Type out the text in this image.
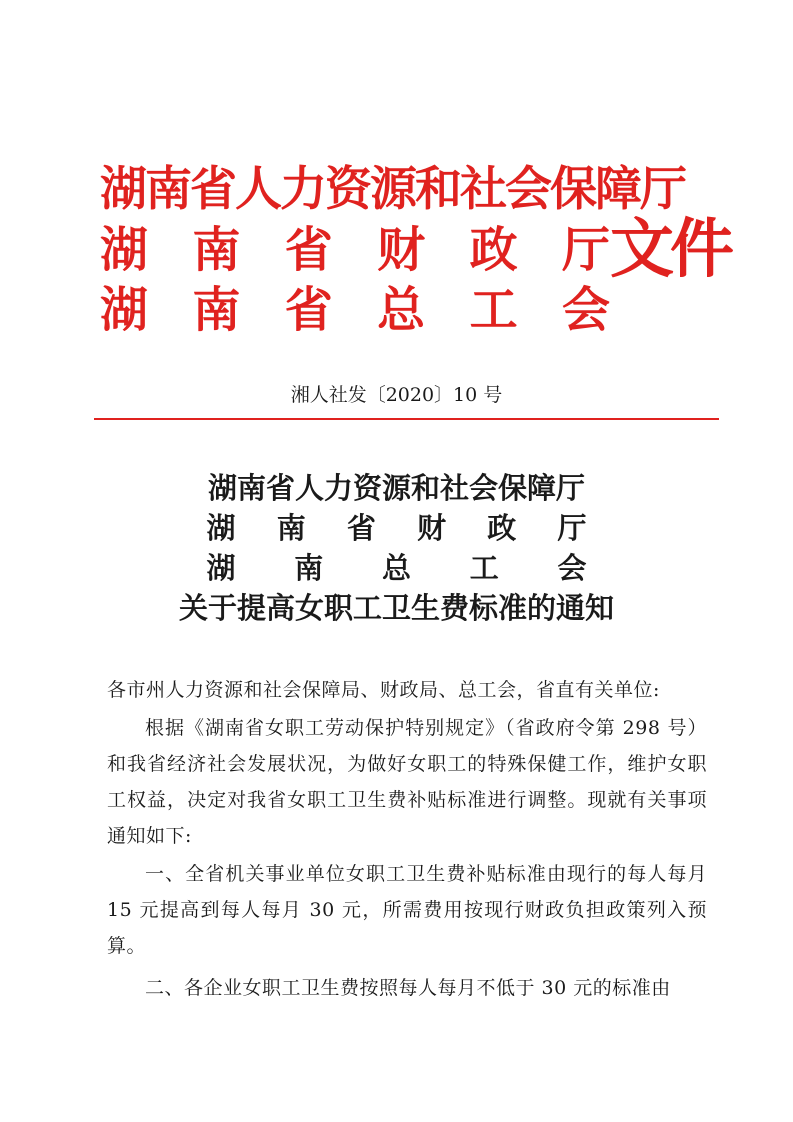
湖南省人力资源和社会保障厅
湖 南 省 财 政 厅
湖 南 省 总 工 会
文件
湘人社发〔2020〕10 号
湖南省人力资源和社会保障厅
湖 南 省 财 政 厅
湖 南 总 工 会
关于提高女职工卫生费标准的通知

各市州人力资源和社会保障局、财政局、总工会，省直有关单位:

根据《湖南省女职工劳动保护特别规定》（省政府令第 298 号）和我省经济社会发展状况，为做好女职工的特殊保健工作，维护女职工权益，决定对我省女职工卫生费补贴标准进行调整。现就有关事项通知如下:

一、全省机关事业单位女职工卫生费补贴标准由现行的每人每月 15 元提高到每人每月 30 元，所需费用按现行财政负担政策列入预算。

二、各企业女职工卫生费按照每人每月不低于 30 元的标准由
